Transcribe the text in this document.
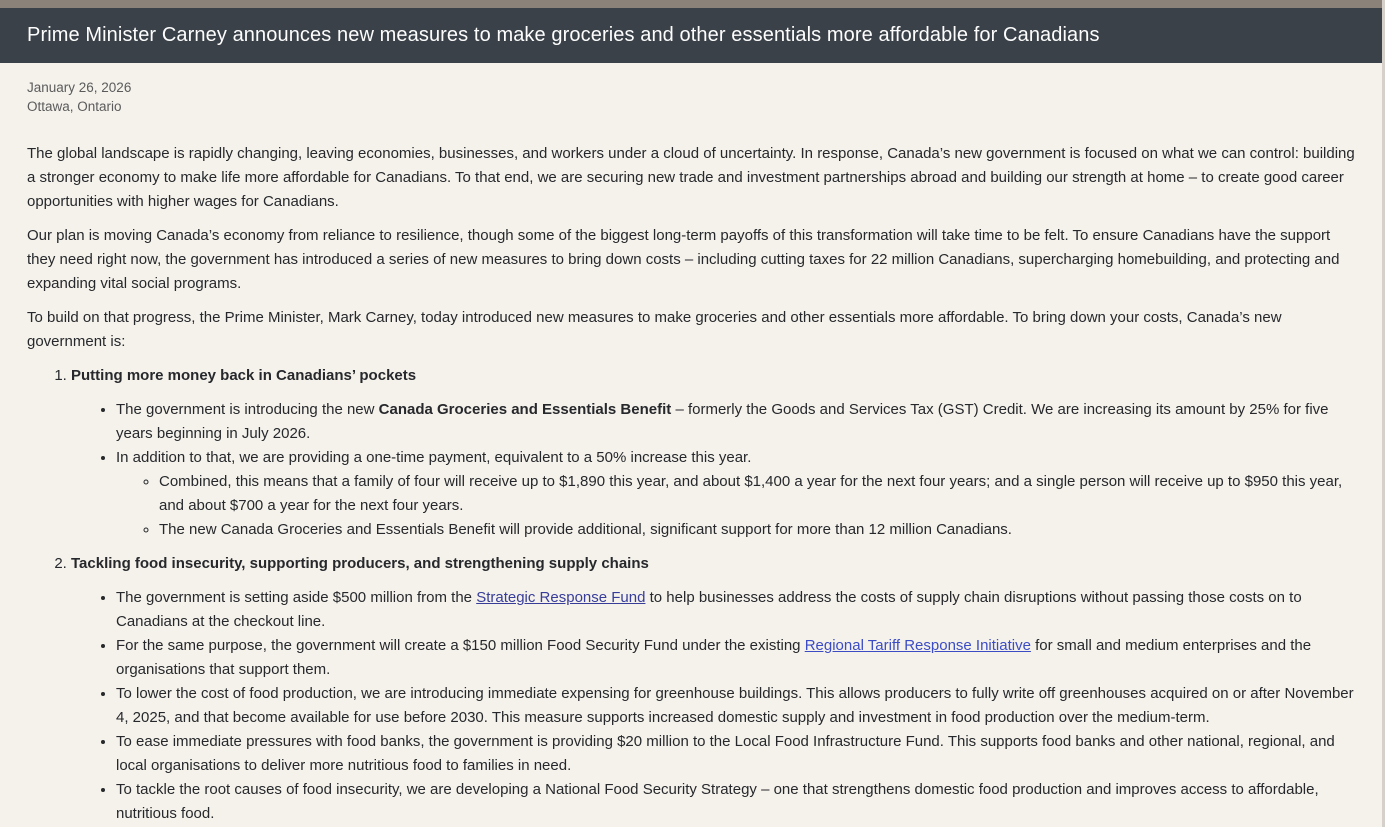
Prime Minister Carney announces new measures to make groceries and other essentials more affordable for Canadians
January 26, 2026
Ottawa, Ontario

The global landscape is rapidly changing, leaving economies, businesses, and workers under a cloud of uncertainty. In response, Canada’s new government is focused on what we can control: building a stronger economy to make life more affordable for Canadians. To that end, we are securing new trade and investment partnerships abroad and building our strength at home – to create good career opportunities with higher wages for Canadians.

Our plan is moving Canada’s economy from reliance to resilience, though some of the biggest long-term payoffs of this transformation will take time to be felt. To ensure Canadians have the support they need right now, the government has introduced a series of new measures to bring down costs – including cutting taxes for 22 million Canadians, supercharging homebuilding, and protecting and expanding vital social programs.

To build on that progress, the Prime Minister, Mark Carney, today introduced new measures to make groceries and other essentials more affordable. To bring down your costs, Canada’s new government is:

1. Putting more money back in Canadians’ pockets
• The government is introducing the new Canada Groceries and Essentials Benefit – formerly the Goods and Services Tax (GST) Credit. We are increasing its amount by 25% for five years beginning in July 2026.
• In addition to that, we are providing a one-time payment, equivalent to a 50% increase this year.
◦ Combined, this means that a family of four will receive up to $1,890 this year, and about $1,400 a year for the next four years; and a single person will receive up to $950 this year, and about $700 a year for the next four years.
◦ The new Canada Groceries and Essentials Benefit will provide additional, significant support for more than 12 million Canadians.
2. Tackling food insecurity, supporting producers, and strengthening supply chains
• The government is setting aside $500 million from the Strategic Response Fund to help businesses address the costs of supply chain disruptions without passing those costs on to Canadians at the checkout line.
• For the same purpose, the government will create a $150 million Food Security Fund under the existing Regional Tariff Response Initiative for small and medium enterprises and the organisations that support them.
• To lower the cost of food production, we are introducing immediate expensing for greenhouse buildings. This allows producers to fully write off greenhouses acquired on or after November 4, 2025, and that become available for use before 2030. This measure supports increased domestic supply and investment in food production over the medium-term.
• To ease immediate pressures with food banks, the government is providing $20 million to the Local Food Infrastructure Fund. This supports food banks and other national, regional, and local organisations to deliver more nutritious food to families in need.
• To tackle the root causes of food insecurity, we are developing a National Food Security Strategy – one that strengthens domestic food production and improves access to affordable, nutritious food.
